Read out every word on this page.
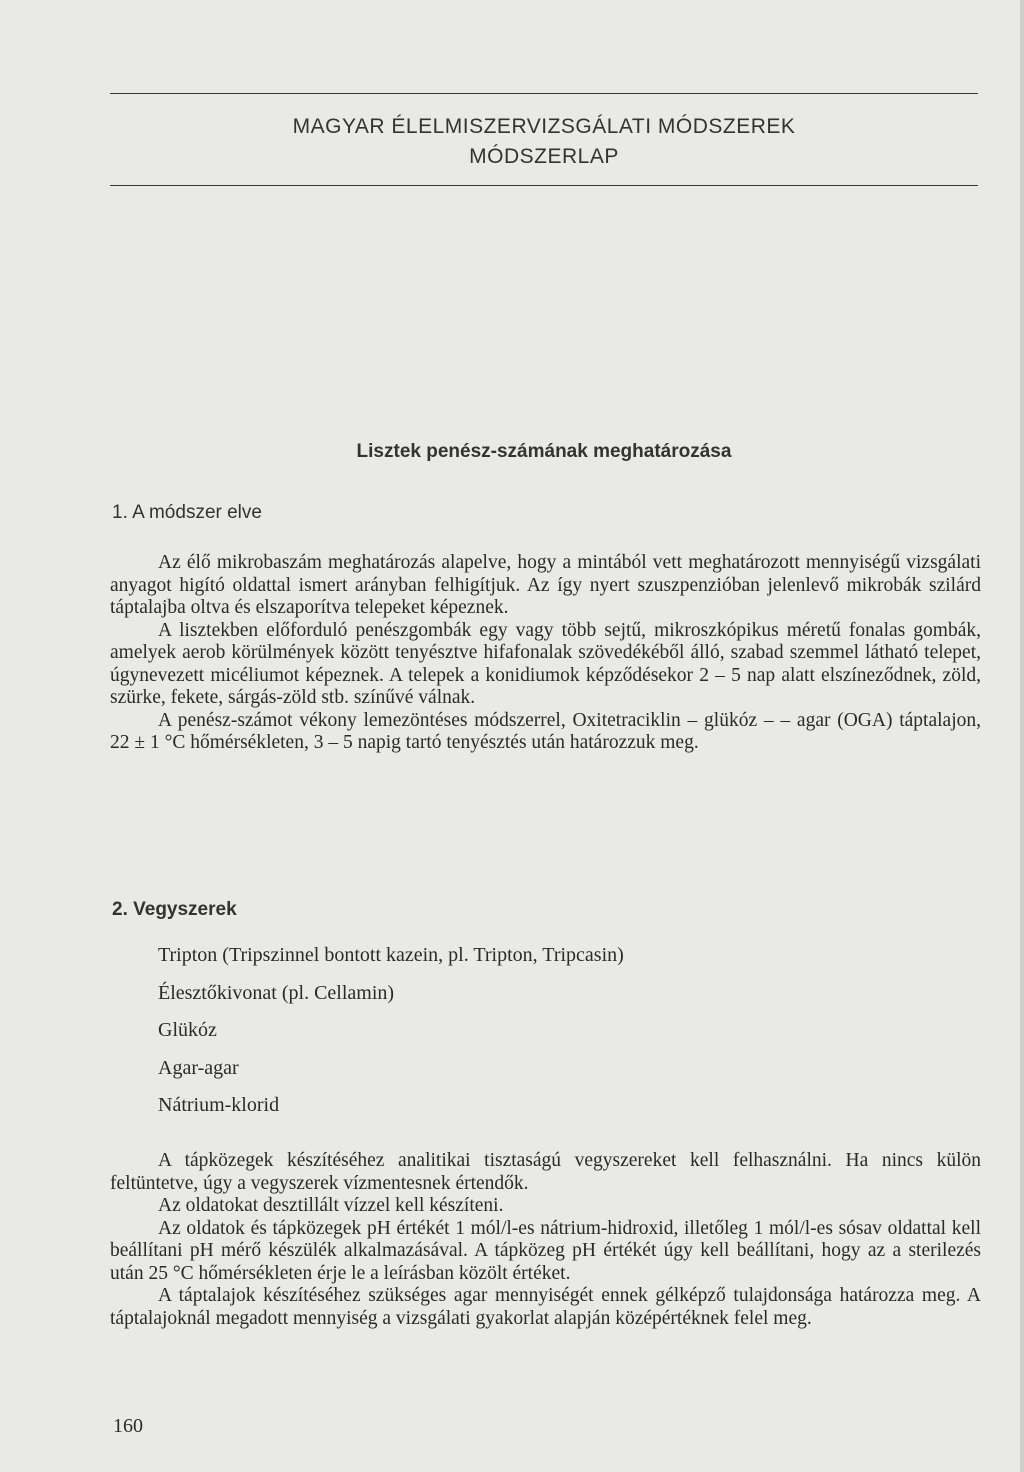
MAGYAR ÉLELMISZERVIZSGÁLATI MÓDSZEREK
MÓDSZERLAP
Lisztek penész-számának meghatározása
1. A módszer elve

Az élő mikrobaszám meghatározás alapelve, hogy a mintából vett meghatározott mennyiségű vizsgálati anyagot higító oldattal ismert arányban felhigítjuk. Az így nyert szuszpenzióban jelenlevő mikrobák szilárd táptalajba oltva és elszaporítva telepeket képeznek.

A lisztekben előforduló penészgombák egy vagy több sejtű, mikroszkópikus méretű fonalas gombák, amelyek aerob körülmények között tenyésztve hifafonalak szövedékéből álló, szabad szemmel látható telepet, úgynevezett micéliumot képeznek. A telepek a konidiumok képződésekor 2 – 5 nap alatt elszíneződnek, zöld, szürke, fekete, sárgás-zöld stb. színűvé válnak.

A penész-számot vékony lemezöntéses módszerrel, Oxitetraciklin – glükóz – – agar (OGA) táptalajon, 22 ± 1 °C hőmérsékleten, 3 – 5 napig tartó tenyésztés után határozzuk meg.

2. Vegyszerek
Tripton (Tripszinnel bontott kazein, pl. Tripton, Tripcasin)
Élesztőkivonat (pl. Cellamin)
Glükóz
Agar-agar
Nátrium-klorid

A tápközegek készítéséhez analitikai tisztaságú vegyszereket kell felhasználni. Ha nincs külön feltüntetve, úgy a vegyszerek vízmentesnek értendők.

Az oldatokat desztillált vízzel kell készíteni.

Az oldatok és tápközegek pH értékét 1 mól/l-es nátrium-hidroxid, illetőleg 1 mól/l-es sósav oldattal kell beállítani pH mérő készülék alkalmazásával. A tápközeg pH értékét úgy kell beállítani, hogy az a sterilezés után 25 °C hőmérsékleten érje le a leírásban közölt értéket.

A táptalajok készítéséhez szükséges agar mennyiségét ennek gélképző tulajdonsága határozza meg. A táptalajoknál megadott mennyiség a vizsgálati gyakorlat alapján középértéknek felel meg.

160
